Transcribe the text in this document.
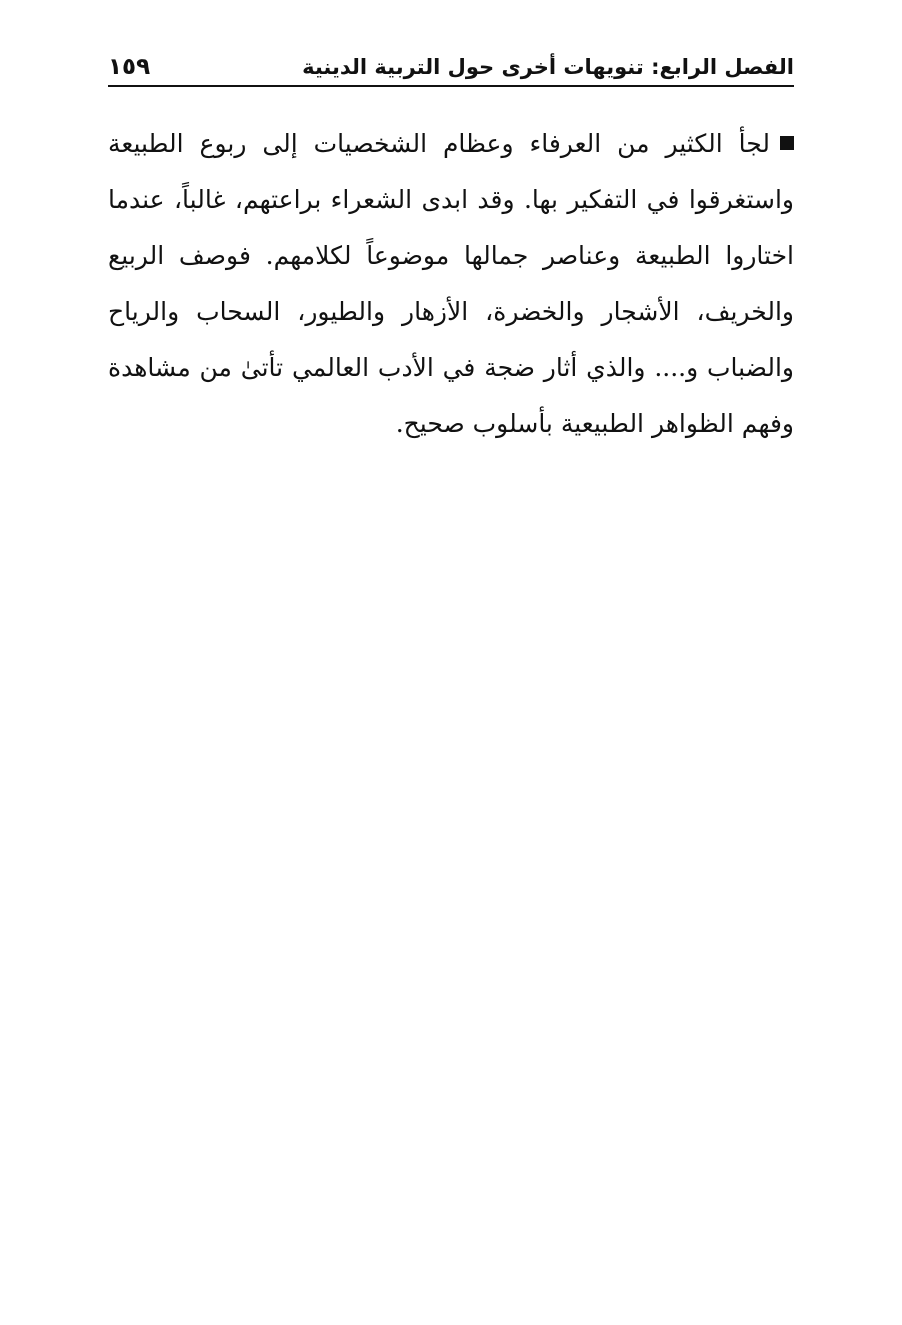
الفصل الرابع: تنويهات أخرى حول التربية الدينية
١٥٩

لجأ الكثير من العرفاء وعظام الشخصيات إلى ربوع الطبيعة واستغرقوا في التفكير بها. وقد ابدى الشعراء براعتهم، غالباً، عندما اختاروا الطبيعة وعناصر جمالها موضوعاً لكلامهم. فوصف الربيع والخريف، الأشجار والخضرة، الأزهار والطيور، السحاب والرياح والضباب و.... والذي أثار ضجة في الأدب العالمي تأتىٰ من مشاهدة وفهم الظواهر الطبيعية بأسلوب صحيح.
